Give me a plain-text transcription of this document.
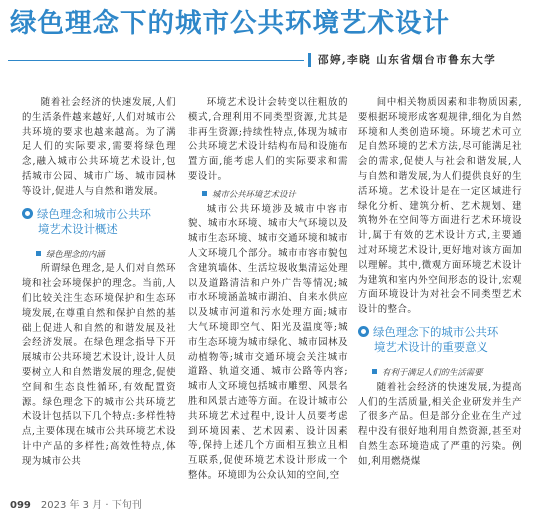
绿色理念下的城市公共环境艺术设计
邵婷,李晓 山东省烟台市鲁东大学

随着社会经济的快速发展,人们的生活条件越来越好,人们对城市公共环境的要求也越来越高。为了满足人们的实际要求,需要将绿色理念,融入城市公共环境艺术设计,包括城市公园、城市广场、城市园林等设计,促进人与自然和谐发展。

绿色理念和城市公共环
境艺术设计概述
绿色理念的内涵

所谓绿色理念,是人们对自然环境和社会环境保护的理念。当前,人们比较关注生态环境保护和生态环境发展,在尊重自然和保护自然的基础上促进人和自然的和谐发展及社会经济发展。在绿色理念指导下开展城市公共环境艺术设计,设计人员要树立人和自然谐发展的理念,促使空间和生态良性循环,有效配置资源。绿色理念下的城市公共环境艺术设计包括以下几个特点:多样性特点,主要体现在城市公共环境艺术设计中产品的多样性;高效性特点,体现为城市公共

环境艺术设计会转变以往粗放的模式,合理利用不同类型资源,尤其是非再生资源;持续性特点,体现为城市公共环境艺术设计结构布局和设施布置方面,能考虑人们的实际要求和需要设计。

城市公共环境艺术设计

城市公共环境涉及城市中容市貌、城市水环境、城市大气环境以及城市生态环境、城市交通环境和城市人文环境几个部分。城市市容市貌包含建筑墙体、生活垃圾收集清运处理以及道路清洁和户外广告等情况;城市水环境涵盖城市湖泊、自来水供应以及城市河道和污水处理方面;城市大气环境即空气、阳光及温度等;城市生态环境为城市绿化、城市园林及动植物等;城市交通环境会关注城市道路、轨道交通、城市公路等内容;城市人文环境包括城市雕塑、风景名胜和风景古迹等方面。在设计城市公共环境艺术过程中,设计人员要考虑到环境因素、艺术因素、设计因素等,保持上述几个方面相互独立且相互联系,促使环境艺术设计形成一个整体。环境即为公众认知的空间,空

间中相关物质因素和非物质因素,要根据环境形成客观规律,细化为自然环境和人类创造环境。环境艺术可立足自然环境的艺术方法,尽可能满足社会的需求,促使人与社会和谐发展,人与自然和谐发展,为人们提供良好的生活环境。艺术设计是在一定区域进行绿化分析、建筑分析、艺术规划、建筑物外在空间等方面进行艺术环境设计,属于有效的艺术设计方式,主要通过对环境艺术设计,更好地对该方面加以理解。其中,微观方面环境艺术设计为建筑和室内外空间形态的设计,宏观方面环境设计为对社会不同类型艺术设计的整合。

绿色理念下的城市公共环
境艺术设计的重要意义
有利于满足人们的生活需要

随着社会经济的快速发展,为提高人们的生活质量,相关企业研发并生产了很多产品。但是部分企业在生产过程中没有很好地利用自然资源,甚至对自然生态环境造成了严重的污染。例如,利用燃烧煤

099 2023 年 3 月 · 下旬刊
